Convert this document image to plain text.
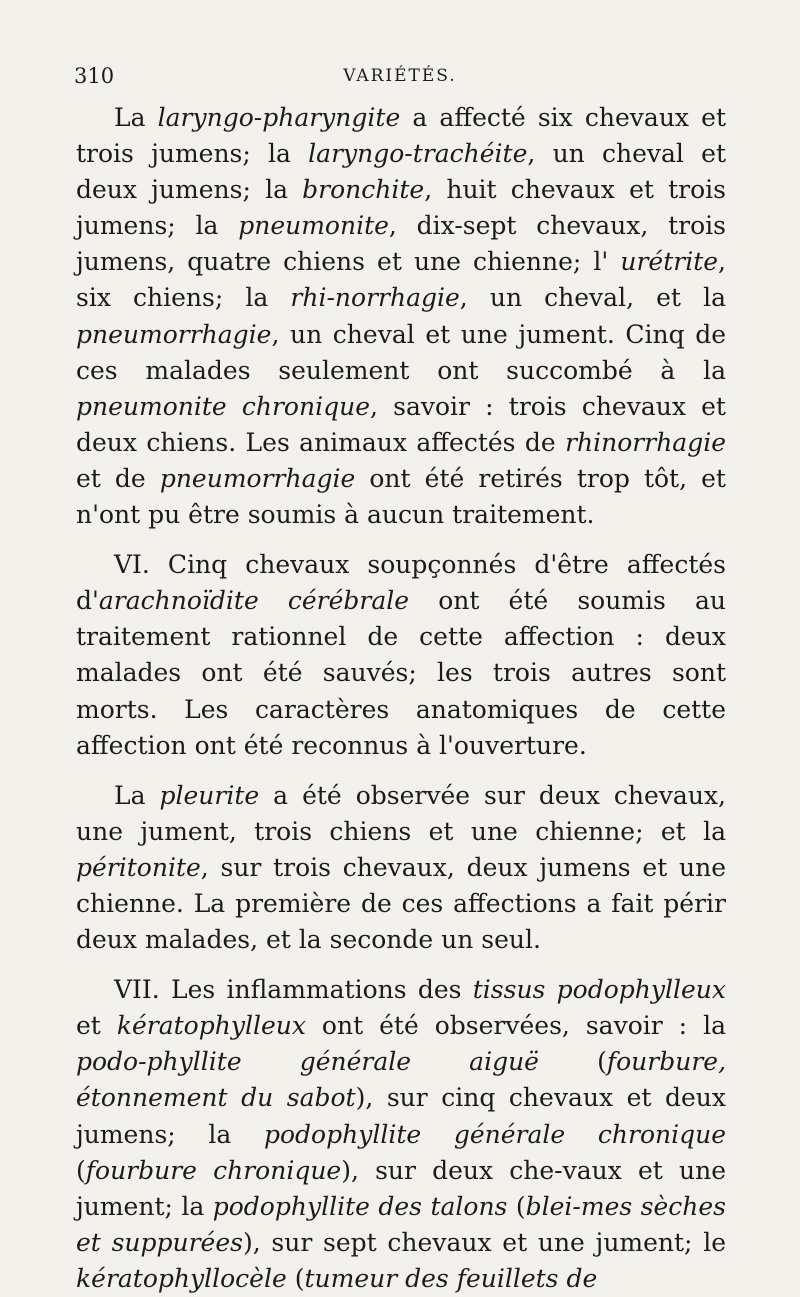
310	VARIÉTÉS.

La laryngo-pharyngite a affecté six chevaux et trois jumens; la laryngo-trachéite, un cheval et deux jumens; la bronchite, huit chevaux et trois jumens; la pneumonite, dix-sept chevaux, trois jumens, quatre chiens et une chienne; l' urétrite, six chiens; la rhi-norrhagie, un cheval, et la pneumorrhagie, un cheval et une jument. Cinq de ces malades seulement ont succombé à la pneumonite chronique, savoir : trois chevaux et deux chiens. Les animaux affectés de rhinorrhagie et de pneumorrhagie ont été retirés trop tôt, et n'ont pu être soumis à aucun traitement.

VI. Cinq chevaux soupçonnés d'être affectés d'arachnoïdite cérébrale ont été soumis au traitement rationnel de cette affection : deux malades ont été sauvés; les trois autres sont morts. Les caractères anatomiques de cette affection ont été reconnus à l'ouverture.

La pleurite a été observée sur deux chevaux, une jument, trois chiens et une chienne; et la péritonite, sur trois chevaux, deux jumens et une chienne. La première de ces affections a fait périr deux malades, et la seconde un seul.

VII. Les inflammations des tissus podophylleux et kératophylleux ont été observées, savoir : la podo-phyllite générale aiguë (fourbure, étonnement du sabot), sur cinq chevaux et deux jumens; la podophyllite générale chronique (fourbure chronique), sur deux che-vaux et une jument; la podophyllite des talons (blei-mes sèches et suppurées), sur sept chevaux et une jument; le kératophyllocèle (tumeur des feuillets de
